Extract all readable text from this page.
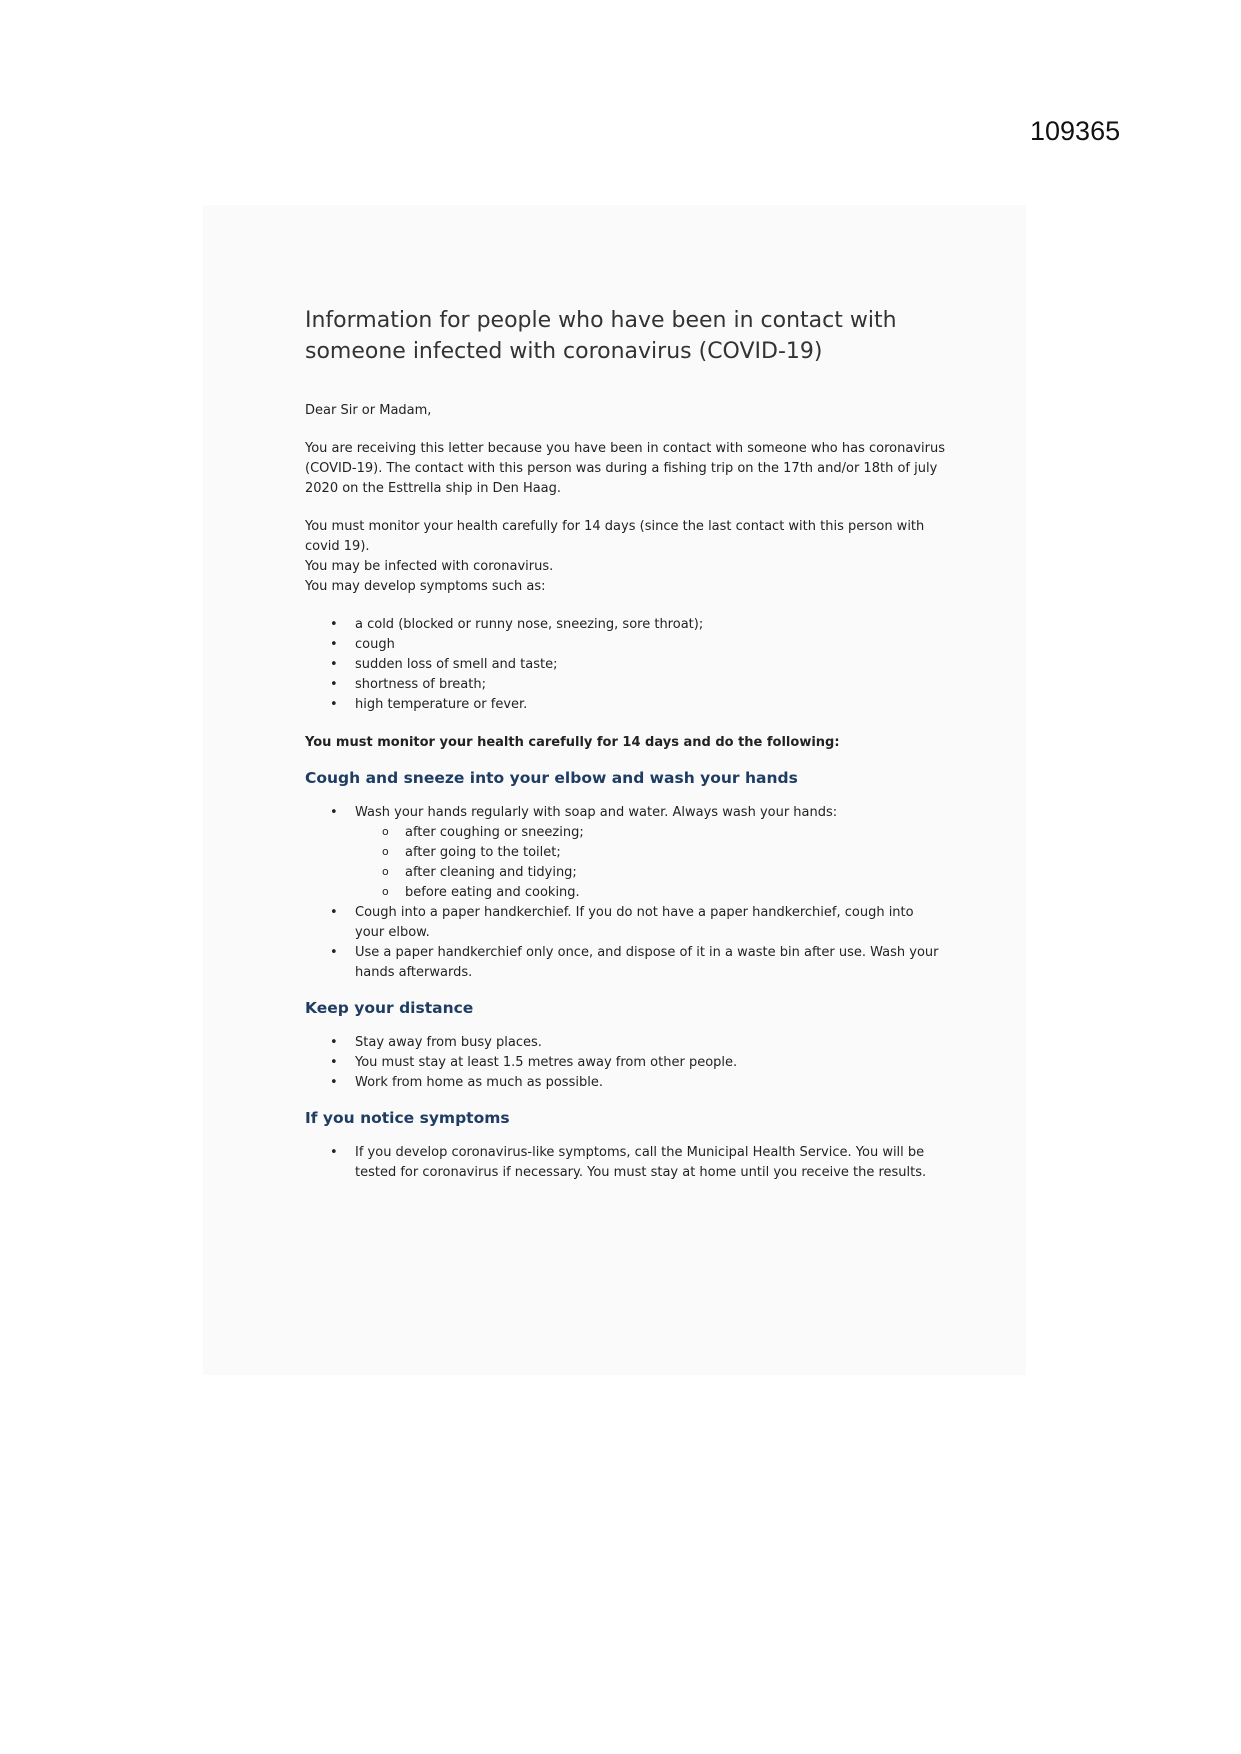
109365
Information for people who have been in contact with
someone infected with coronavirus (COVID-19)

Dear Sir or Madam,

You are receiving this letter because you have been in contact with someone who has coronavirus (COVID-19). The contact with this person was during a fishing trip on the 17th and/or 18th of july 2020 on the Esttrella ship in Den Haag.

You must monitor your health carefully for 14 days (since the last contact with this person with covid 19).

You may be infected with coronavirus.

You may develop symptoms such as:

• a cold (blocked or runny nose, sneezing, sore throat);
• cough
• sudden loss of smell and taste;
• shortness of breath;
• high temperature or fever.

You must monitor your health carefully for 14 days and do the following:

Cough and sneeze into your elbow and wash your hands
• Wash your hands regularly with soap and water. Always wash your hands:
o after coughing or sneezing;
o after going to the toilet;
o after cleaning and tidying;
o before eating and cooking.
• Cough into a paper handkerchief. If you do not have a paper handkerchief, cough into your elbow.
• Use a paper handkerchief only once, and dispose of it in a waste bin after use. Wash your hands afterwards.
Keep your distance
• Stay away from busy places.
• You must stay at least 1.5 metres away from other people.
• Work from home as much as possible.
If you notice symptoms
• If you develop coronavirus-like symptoms, call the Municipal Health Service. You will be tested for coronavirus if necessary. You must stay at home until you receive the results.
